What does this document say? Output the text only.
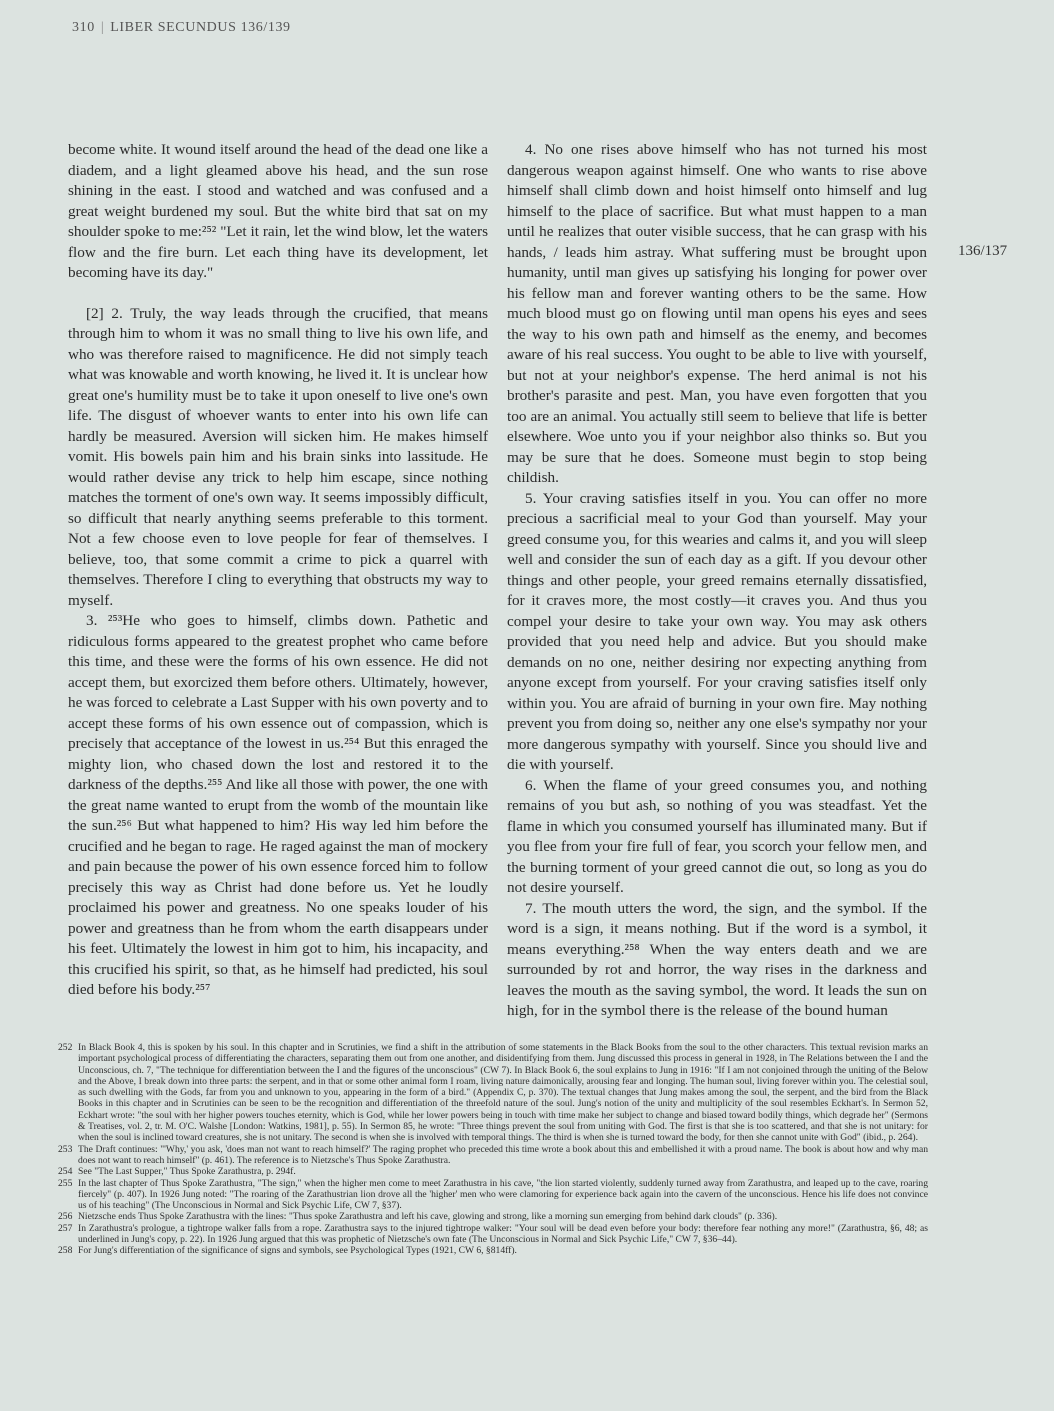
310 | LIBER SECUNDUS 136/139
136/137

become white. It wound itself around the head of the dead one like a diadem, and a light gleamed above his head, and the sun rose shining in the east. I stood and watched and was confused and a great weight burdened my soul. But the white bird that sat on my shoulder spoke to me:²⁵² "Let it rain, let the wind blow, let the waters flow and the fire burn. Let each thing have its development, let becoming have its day."

[2] 2. Truly, the way leads through the crucified, that means through him to whom it was no small thing to live his own life, and who was therefore raised to magnificence. He did not simply teach what was knowable and worth knowing, he lived it. It is unclear how great one's humility must be to take it upon oneself to live one's own life. The disgust of whoever wants to enter into his own life can hardly be measured. Aversion will sicken him. He makes himself vomit. His bowels pain him and his brain sinks into lassitude. He would rather devise any trick to help him escape, since nothing matches the torment of one's own way. It seems impossibly difficult, so difficult that nearly anything seems preferable to this torment. Not a few choose even to love people for fear of themselves. I believe, too, that some commit a crime to pick a quarrel with themselves. Therefore I cling to everything that obstructs my way to myself.

3. ²⁵³He who goes to himself, climbs down. Pathetic and ridiculous forms appeared to the greatest prophet who came before this time, and these were the forms of his own essence. He did not accept them, but exorcized them before others. Ultimately, however, he was forced to celebrate a Last Supper with his own poverty and to accept these forms of his own essence out of compassion, which is precisely that acceptance of the lowest in us.²⁵⁴ But this enraged the mighty lion, who chased down the lost and restored it to the darkness of the depths.²⁵⁵ And like all those with power, the one with the great name wanted to erupt from the womb of the mountain like the sun.²⁵⁶ But what happened to him? His way led him before the crucified and he began to rage. He raged against the man of mockery and pain because the power of his own essence forced him to follow precisely this way as Christ had done before us. Yet he loudly proclaimed his power and greatness. No one speaks louder of his power and greatness than he from whom the earth disappears under his feet. Ultimately the lowest in him got to him, his incapacity, and this crucified his spirit, so that, as he himself had predicted, his soul died before his body.²⁵⁷

4. No one rises above himself who has not turned his most dangerous weapon against himself. One who wants to rise above himself shall climb down and hoist himself onto himself and lug himself to the place of sacrifice. But what must happen to a man until he realizes that outer visible success, that he can grasp with his hands, / leads him astray. What suffering must be brought upon humanity, until man gives up satisfying his longing for power over his fellow man and forever wanting others to be the same. How much blood must go on flowing until man opens his eyes and sees the way to his own path and himself as the enemy, and becomes aware of his real success. You ought to be able to live with yourself, but not at your neighbor's expense. The herd animal is not his brother's parasite and pest. Man, you have even forgotten that you too are an animal. You actually still seem to believe that life is better elsewhere. Woe unto you if your neighbor also thinks so. But you may be sure that he does. Someone must begin to stop being childish.

5. Your craving satisfies itself in you. You can offer no more precious a sacrificial meal to your God than yourself. May your greed consume you, for this wearies and calms it, and you will sleep well and consider the sun of each day as a gift. If you devour other things and other people, your greed remains eternally dissatisfied, for it craves more, the most costly—it craves you. And thus you compel your desire to take your own way. You may ask others provided that you need help and advice. But you should make demands on no one, neither desiring nor expecting anything from anyone except from yourself. For your craving satisfies itself only within you. You are afraid of burning in your own fire. May nothing prevent you from doing so, neither any one else's sympathy nor your more dangerous sympathy with yourself. Since you should live and die with yourself.

6. When the flame of your greed consumes you, and nothing remains of you but ash, so nothing of you was steadfast. Yet the flame in which you consumed yourself has illuminated many. But if you flee from your fire full of fear, you scorch your fellow men, and the burning torment of your greed cannot die out, so long as you do not desire yourself.

7. The mouth utters the word, the sign, and the symbol. If the word is a sign, it means nothing. But if the word is a symbol, it means everything.²⁵⁸ When the way enters death and we are surrounded by rot and horror, the way rises in the darkness and leaves the mouth as the saving symbol, the word. It leads the sun on high, for in the symbol there is the release of the bound human

252 In Black Book 4, this is spoken by his soul. In this chapter and in Scrutinies, we find a shift in the attribution of some statements in the Black Books from the soul to the other characters. This textual revision marks an important psychological process of differentiating the characters, separating them out from one another, and disidentifying from them. Jung discussed this process in general in 1928, in The Relations between the I and the Unconscious, ch. 7, "The technique for differentiation between the I and the figures of the unconscious" (CW 7). In Black Book 6, the soul explains to Jung in 1916: "If I am not conjoined through the uniting of the Below and the Above, I break down into three parts: the serpent, and in that or some other animal form I roam, living nature daimonically, arousing fear and longing. The human soul, living forever within you. The celestial soul, as such dwelling with the Gods, far from you and unknown to you, appearing in the form of a bird." (Appendix C, p. 370). The textual changes that Jung makes among the soul, the serpent, and the bird from the Black Books in this chapter and in Scrutinies can be seen to be the recognition and differentiation of the threefold nature of the soul. Jung's notion of the unity and multiplicity of the soul resembles Eckhart's. In Sermon 52, Eckhart wrote: "the soul with her higher powers touches eternity, which is God, while her lower powers being in touch with time make her subject to change and biased toward bodily things, which degrade her" (Sermons & Treatises, vol. 2, tr. M. O'C. Walshe [London: Watkins, 1981], p. 55). In Sermon 85, he wrote: "Three things prevent the soul from uniting with God. The first is that she is too scattered, and that she is not unitary: for when the soul is inclined toward creatures, she is not unitary. The second is when she is involved with temporal things. The third is when she is turned toward the body, for then she cannot unite with God" (ibid., p. 264).
253 The Draft continues: "'Why,' you ask, 'does man not want to reach himself?' The raging prophet who preceded this time wrote a book about this and embellished it with a proud name. The book is about how and why man does not want to reach himself" (p. 461). The reference is to Nietzsche's Thus Spoke Zarathustra.
254 See "The Last Supper," Thus Spoke Zarathustra, p. 294f.
255 In the last chapter of Thus Spoke Zarathustra, "The sign," when the higher men come to meet Zarathustra in his cave, "the lion started violently, suddenly turned away from Zarathustra, and leaped up to the cave, roaring fiercely" (p. 407). In 1926 Jung noted: "The roaring of the Zarathustrian lion drove all the 'higher' men who were clamoring for experience back again into the cavern of the unconscious. Hence his life does not convince us of his teaching" (The Unconscious in Normal and Sick Psychic Life, CW 7, §37).
256 Nietzsche ends Thus Spoke Zarathustra with the lines: "Thus spoke Zarathustra and left his cave, glowing and strong, like a morning sun emerging from behind dark clouds" (p. 336).
257 In Zarathustra's prologue, a tightrope walker falls from a rope. Zarathustra says to the injured tightrope walker: "Your soul will be dead even before your body: therefore fear nothing any more!" (Zarathustra, §6, 48; as underlined in Jung's copy, p. 22). In 1926 Jung argued that this was prophetic of Nietzsche's own fate (The Unconscious in Normal and Sick Psychic Life," CW 7, §36–44).
258 For Jung's differentiation of the significance of signs and symbols, see Psychological Types (1921, CW 6, §814ff).
